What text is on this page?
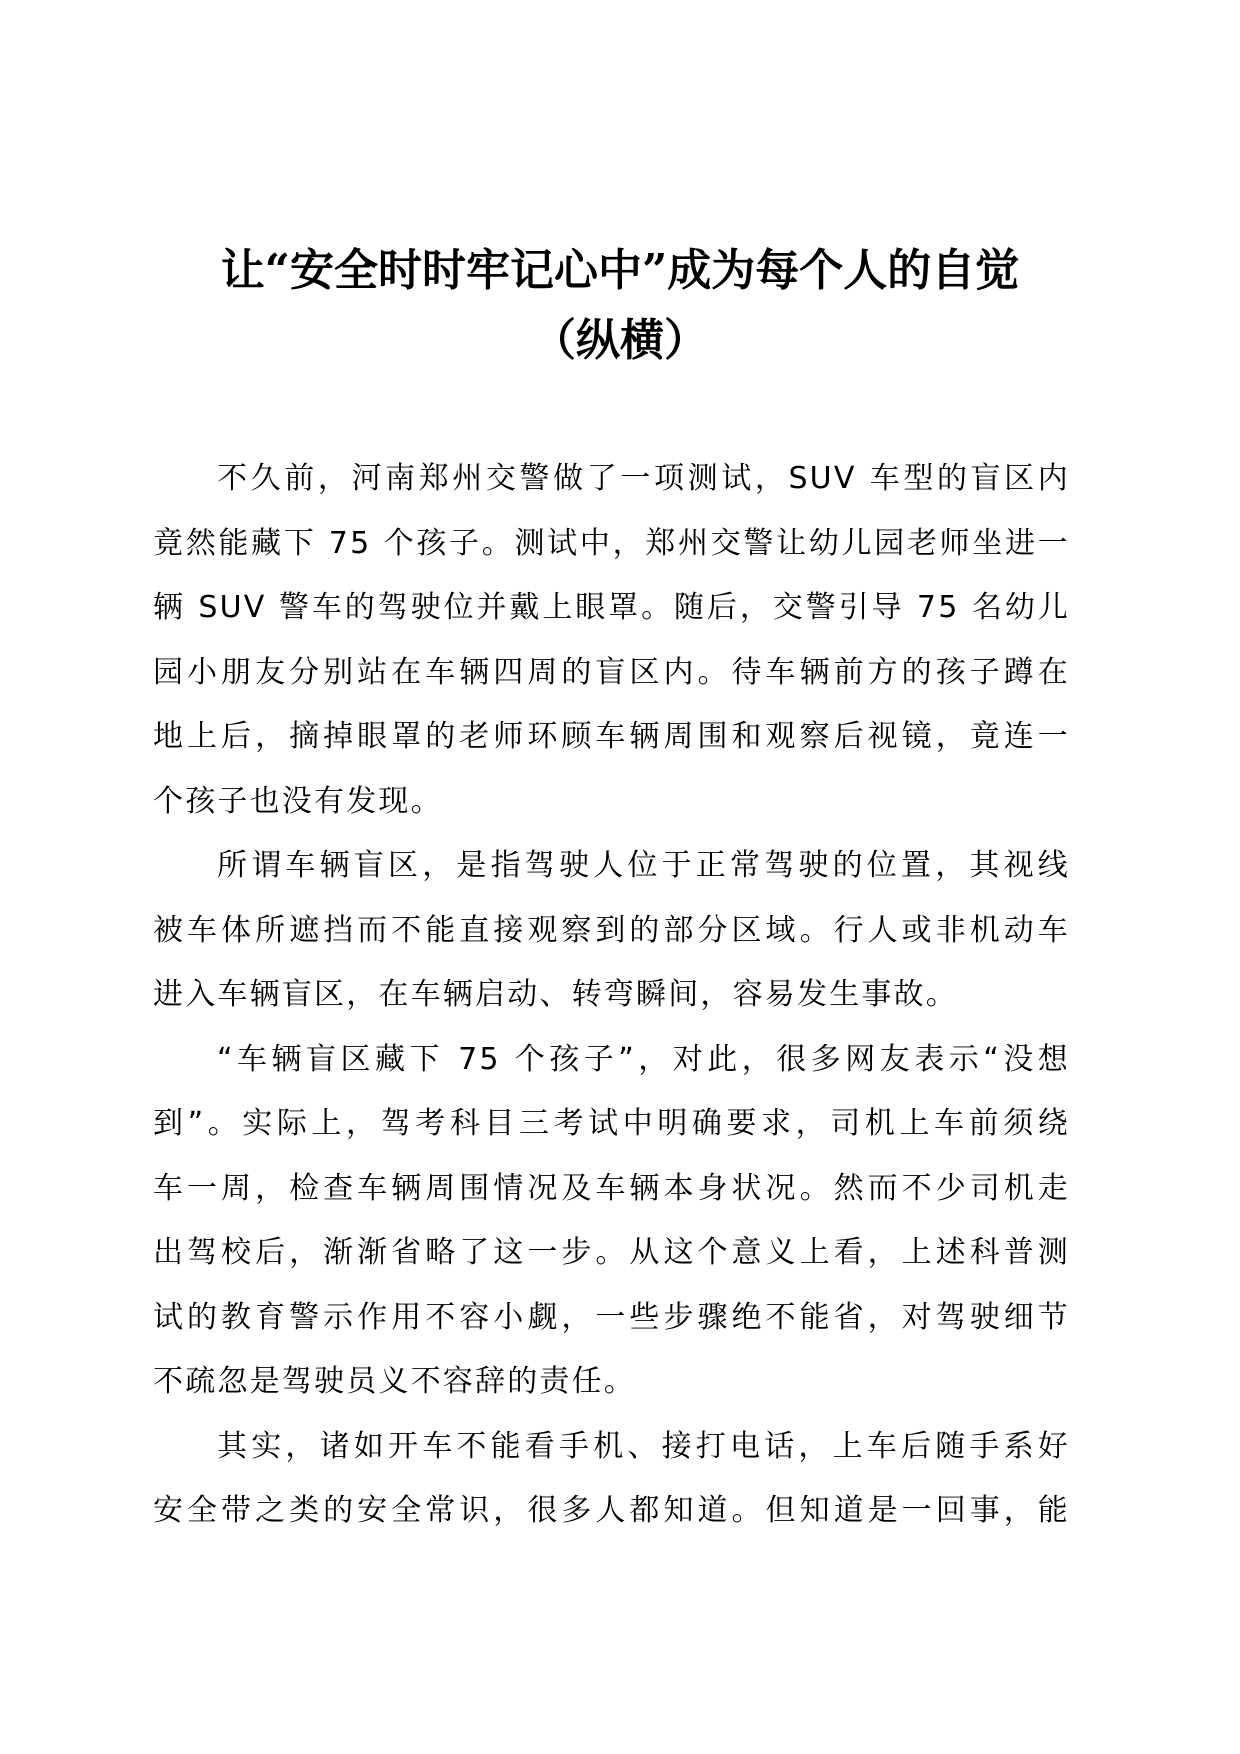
让“安全时时牢记心中”成为每个人的自觉
（纵横）
不久前，河南郑州交警做了一项测试，SUV 车型的盲区内
竟然能藏下 75 个孩子。测试中，郑州交警让幼儿园老师坐进一
辆 SUV 警车的驾驶位并戴上眼罩。随后，交警引导 75 名幼儿
园小朋友分别站在车辆四周的盲区内。待车辆前方的孩子蹲在
地上后，摘掉眼罩的老师环顾车辆周围和观察后视镜，竟连一
个孩子也没有发现。
所谓车辆盲区，是指驾驶人位于正常驾驶的位置，其视线
被车体所遮挡而不能直接观察到的部分区域。行人或非机动车
进入车辆盲区，在车辆启动、转弯瞬间，容易发生事故。
“车辆盲区藏下 75 个孩子”，对此，很多网友表示“没想
到”。实际上，驾考科目三考试中明确要求，司机上车前须绕
车一周，检查车辆周围情况及车辆本身状况。然而不少司机走
出驾校后，渐渐省略了这一步。从这个意义上看，上述科普测
试的教育警示作用不容小觑，一些步骤绝不能省，对驾驶细节
不疏忽是驾驶员义不容辞的责任。
其实，诸如开车不能看手机、接打电话，上车后随手系好
安全带之类的安全常识，很多人都知道。但知道是一回事，能
